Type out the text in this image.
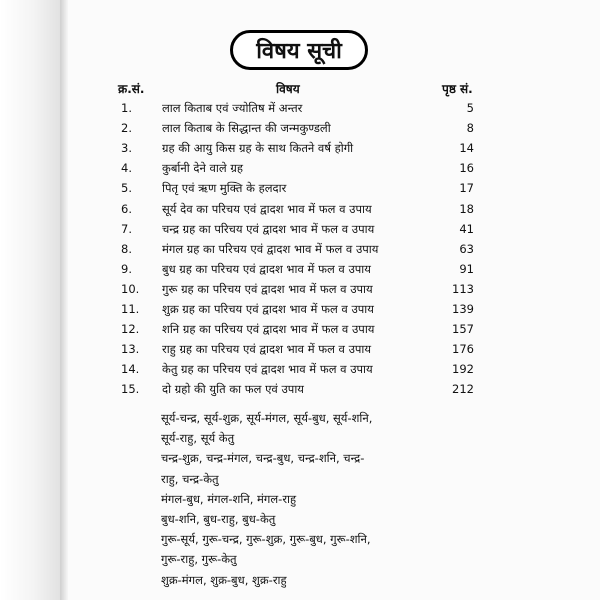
विषय सूची
क्र.सं.	विषय	पृष्ठ सं.
1.	लाल किताब एवं ज्योतिष में अन्तर	5
2.	लाल किताब के सिद्धान्त की जन्मकुण्डली	8
3.	ग्रह की आयु किस ग्रह के साथ कितने वर्ष होगी	14
4.	कुर्बानी देने वाले ग्रह	16
5.	पितृ एवं ऋण मुक्ति के हलदार	17
6.	सूर्य देव का परिचय एवं द्वादश भाव में फल व उपाय	18
7.	चन्द्र ग्रह का परिचय एवं द्वादश भाव में फल व उपाय	41
8.	मंगल ग्रह का परिचय एवं द्वादश भाव में फल व उपाय	63
9.	बुध ग्रह का परिचय एवं द्वादश भाव में फल व उपाय	91
10.	गुरू ग्रह का परिचय एवं द्वादश भाव में फल व उपाय	113
11.	शुक्र ग्रह का परिचय एवं द्वादश भाव में फल व उपाय	139
12.	शनि ग्रह का परिचय एवं द्वादश भाव में फल व उपाय	157
13.	राहु ग्रह का परिचय एवं द्वादश भाव में फल व उपाय	176
14.	केतु ग्रह का परिचय एवं द्वादश भाव में फल व उपाय	192
15.	दो ग्रहो की युति का फल एवं उपाय	212
सूर्य-चन्द्र, सूर्य-शुक्र, सूर्य-मंगल, सूर्य-बुध, सूर्य-शनि,
सूर्य-राहु, सूर्य केतु
चन्द्र-शुक्र, चन्द्र-मंगल, चन्द्र-बुध, चन्द्र-शनि, चन्द्र-
राहु, चन्द्र-केतु
मंगल-बुध, मंगल-शनि, मंगल-राहु
बुध-शनि, बुध-राहु, बुध-केतु
गुरू-सूर्य, गुरू-चन्द्र, गुरू-शुक्र, गुरू-बुध, गुरू-शनि,
गुरू-राहु, गुरू-केतु
शुक्र-मंगल, शुक्र-बुध, शुक्र-राहु
